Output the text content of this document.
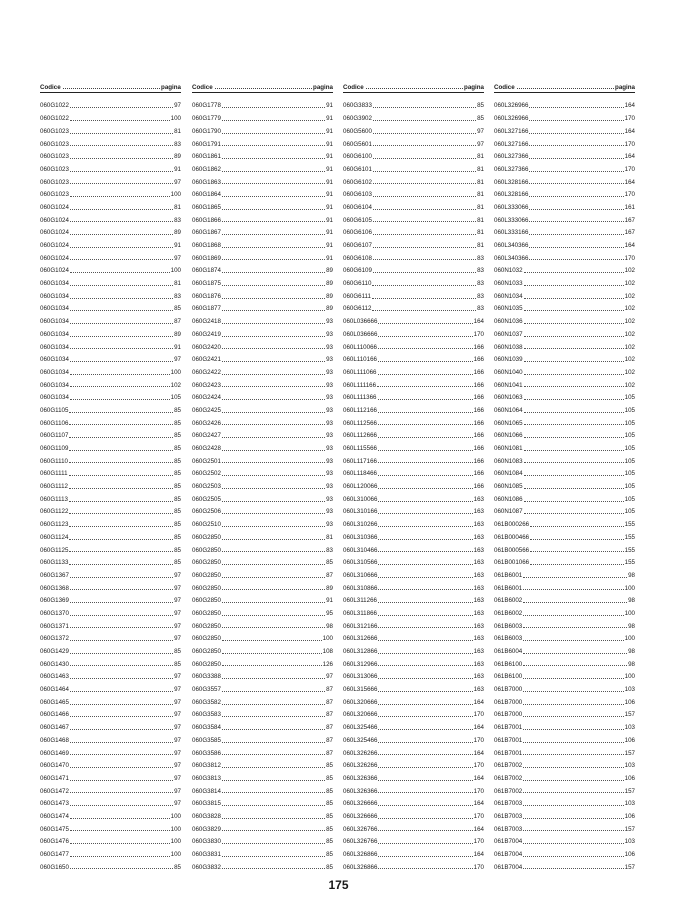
Codice	pagina
060G1022	97
060G1022	100
060G1023	81
060G1023	83
060G1023	89
060G1023	91
060G1023	97
060G1023	100
060G1024	81
060G1024	83
060G1024	89
060G1024	91
060G1024	97
060G1024	100
060G1034	81
060G1034	83
060G1034	85
060G1034	87
060G1034	89
060G1034	91
060G1034	97
060G1034	100
060G1034	102
060G1034	105
060G1105	85
060G1106	85
060G1107	85
060G1109	85
060G1110	85
060G1111	85
060G1112	85
060G1113	85
060G1122	85
060G1123	85
060G1124	85
060G1125	85
060G1133	85
060G1367	97
060G1368	97
060G1369	97
060G1370	97
060G1371	97
060G1372	97
060G1429	85
060G1430	85
060G1463	97
060G1464	97
060G1465	97
060G1466	97
060G1467	97
060G1468	97
060G1469	97
060G1470	97
060G1471	97
060G1472	97
060G1473	97
060G1474	100
060G1475	100
060G1476	100
060G1477	100
060G1650	85
Codice	pagina
060G1778	91
060G1779	91
060G1790	91
060G1791	91
060G1861	91
060G1862	91
060G1863	91
060G1864	91
060G1865	91
060G1866	91
060G1867	91
060G1868	91
060G1869	91
060G1874	89
060G1875	89
060G1876	89
060G1877	89
060G2418	93
060G2419	93
060G2420	93
060G2421	93
060G2422	93
060G2423	93
060G2424	93
060G2425	93
060G2426	93
060G2427	93
060G2428	93
060G2501	93
060G2502	93
060G2503	93
060G2505	93
060G2506	93
060G2510	93
060G2850	81
060G2850	83
060G2850	85
060G2850	87
060G2850	89
060G2850	91
060G2850	95
060G2850	98
060G2850	100
060G2850	108
060G2850	126
060G3388	97
060G3557	87
060G3582	87
060G3583	87
060G3584	87
060G3585	87
060G3586	87
060G3812	85
060G3813	85
060G3814	85
060G3815	85
060G3828	85
060G3829	85
060G3830	85
060G3831	85
060G3832	85
Codice	pagina
060G3833	85
060G3902	85
060G5600	97
060G5601	97
060G6100	81
060G6101	81
060G6102	81
060G6103	81
060G6104	81
060G6105	81
060G6106	81
060G6107	81
060G6108	83
060G6109	83
060G6110	83
060G6111	83
060G6112	83
060L036666	164
060L036666	170
060L110066	166
060L110166	166
060L111066	166
060L111166	166
060L111366	166
060L112166	166
060L112566	166
060L112666	166
060L115566	166
060L117166	166
060L118466	166
060L120066	166
060L310066	163
060L310166	163
060L310266	163
060L310366	163
060L310466	163
060L310566	163
060L310666	163
060L310866	163
060L311266	163
060L311866	163
060L312166	163
060L312666	163
060L312866	163
060L312966	163
060L313066	163
060L315666	163
060L320666	164
060L320666	170
060L325466	164
060L325466	170
060L326266	164
060L326266	170
060L326366	164
060L326366	170
060L326666	164
060L326666	170
060L326766	164
060L326766	170
060L326866	164
060L326866	170
Codice	pagina
060L326966	164
060L326966	170
060L327166	164
060L327166	170
060L327366	164
060L327366	170
060L328166	164
060L328166	170
060L333066	161
060L333066	167
060L333166	167
060L340366	164
060L340366	170
060N1032	102
060N1033	102
060N1034	102
060N1035	102
060N1036	102
060N1037	102
060N1038	102
060N1039	102
060N1040	102
060N1041	102
060N1063	105
060N1064	105
060N1065	105
060N1066	105
060N1081	105
060N1083	105
060N1084	105
060N1085	105
060N1086	105
060N1087	105
061B000266	155
061B000466	155
061B000566	155
061B001066	155
061B6001	98
061B6001	100
061B6002	98
061B6002	100
061B6003	98
061B6003	100
061B6004	98
061B6100	98
061B6100	100
061B7000	103
061B7000	106
061B7000	157
061B7001	103
061B7001	106
061B7001	157
061B7002	103
061B7002	106
061B7002	157
061B7003	103
061B7003	106
061B7003	157
061B7004	103
061B7004	106
061B7004	157
175
